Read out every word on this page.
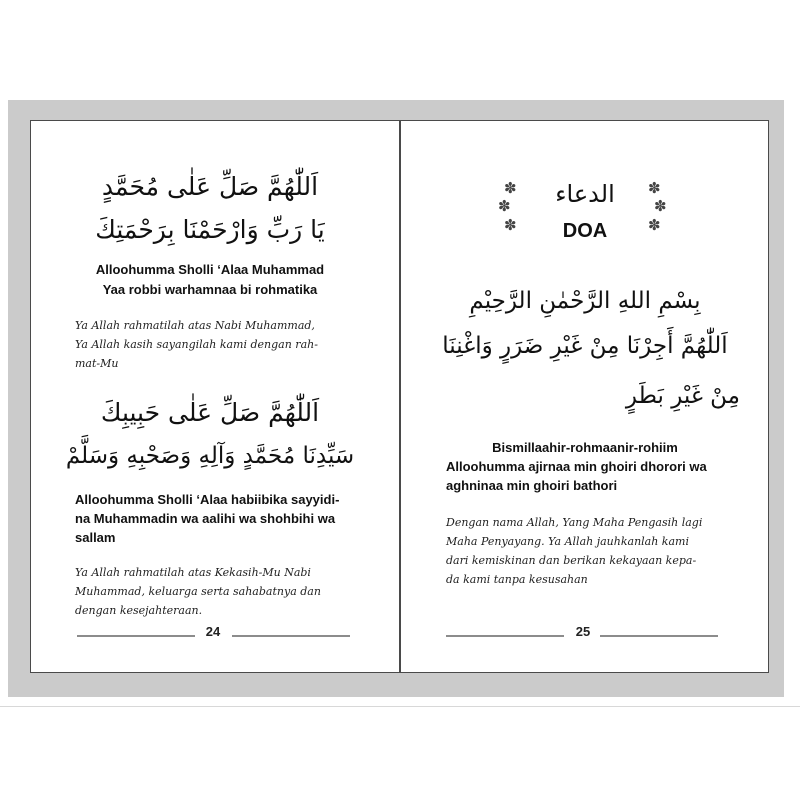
اَللّٰهُمَّ صَلِّ عَلٰى مُحَمَّدٍ
يَا رَبِّ وَارْحَمْنَا بِرَحْمَتِكَ
Alloohumma Sholli ‘Alaa Muhammad
Yaa robbi warhamnaa bi rohmatika
Ya Allah rahmatilah atas Nabi Muhammad,
Ya Allah kasih sayangilah kami dengan rah-
mat-Mu
اَللّٰهُمَّ صَلِّ عَلٰى حَبِيبِكَ
سَيِّدِنَا مُحَمَّدٍ وَآلِهِ وَصَحْبِهِ وَسَلَّمْ
Alloohumma Sholli ‘Alaa habiibika sayyidi-
na Muhammadin wa aalihi wa shohbihi wa
sallam
Ya Allah rahmatilah atas Kekasih-Mu Nabi
Muhammad, keluarga serta sahabatnya dan
dengan kesejahteraan.
24
✽
✽
✽
✽
✽
✽
الدعاء
DOA
بِسْمِ اللهِ الرَّحْمٰنِ الرَّحِيْمِ
اَللّٰهُمَّ أَجِرْنَا مِنْ غَيْرِ ضَرَرٍ وَاغْنِنَا
مِنْ غَيْرِ بَطَرٍ
Bismillaahir-rohmaanir-rohiim
Alloohumma ajirnaa min ghoiri dhorori wa
aghninaa min ghoiri bathori
Dengan nama Allah, Yang Maha Pengasih lagi
Maha Penyayang. Ya Allah jauhkanlah kami
dari kemiskinan dan berikan kekayaan kepa-
da kami tanpa kesusahan
25
